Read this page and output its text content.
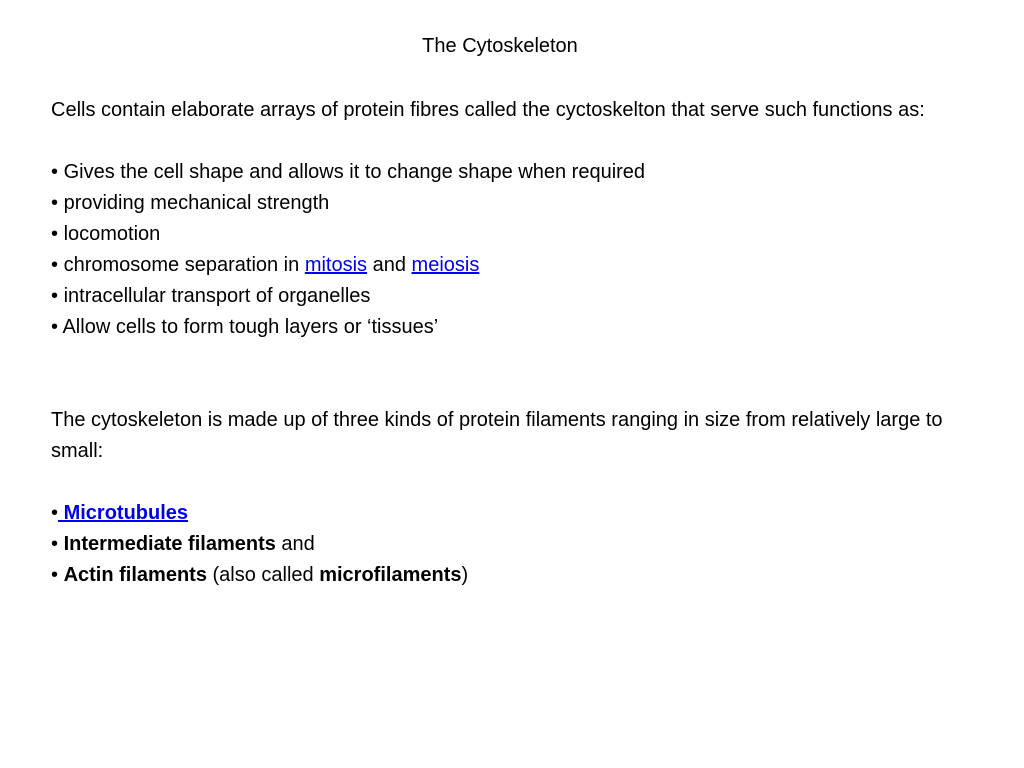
The Cytoskeleton

Cells contain elaborate arrays of protein fibres called the cyctoskelton that serve such functions as:

• Gives the cell shape and allows it to change shape when required
• providing mechanical strength
• locomotion
• chromosome separation in mitosis and meiosis
• intracellular transport of organelles
• Allow cells to form tough layers or ‘tissues’

The cytoskeleton is made up of three kinds of protein filaments ranging in size from relatively large to small:

• Microtubules
• Intermediate filaments and
• Actin filaments (also called microfilaments)
